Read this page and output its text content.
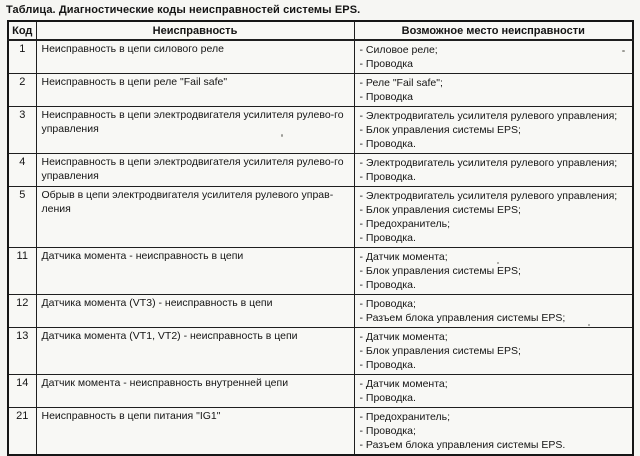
Таблица. Диагностические коды неисправностей системы EPS.
Код	Неисправность	Возможное место неисправности
1	Неисправность в цепи силового реле	- Силовое реле;
- Проводка

2	Неисправность в цепи реле "Fail safe"	- Реле "Fail safe";
- Проводка

3	Неисправность в цепи электродвигателя усилителя рулево-го управления	- Электродвигатель усилителя рулевого управления;
- Блок управления системы EPS;
- Проводка.

4	Неисправность в цепи электродвигателя усилителя рулево-го управления	- Электродвигатель усилителя рулевого управления;
- Проводка.

5	Обрыв в цепи электродвигателя усилителя рулевого управ-ления	- Электродвигатель усилителя рулевого управления;
- Блок управления системы EPS;
- Предохранитель;
- Проводка.

11	Датчика момента - неисправность в цепи	- Датчик момента;
- Блок управления системы EPS;
- Проводка.

12	Датчика момента (VT3) - неисправность в цепи	- Проводка;
- Разъем блока управления системы EPS;

13	Датчика момента (VT1, VT2) - неисправность в цепи	- Датчик момента;
- Блок управления системы EPS;
- Проводка.

14	Датчик момента - неисправность внутренней цепи	- Датчик момента;
- Проводка.

21	Неисправность в цепи питания "IG1"	- Предохранитель;
- Проводка;
- Разъем блока управления системы EPS.
